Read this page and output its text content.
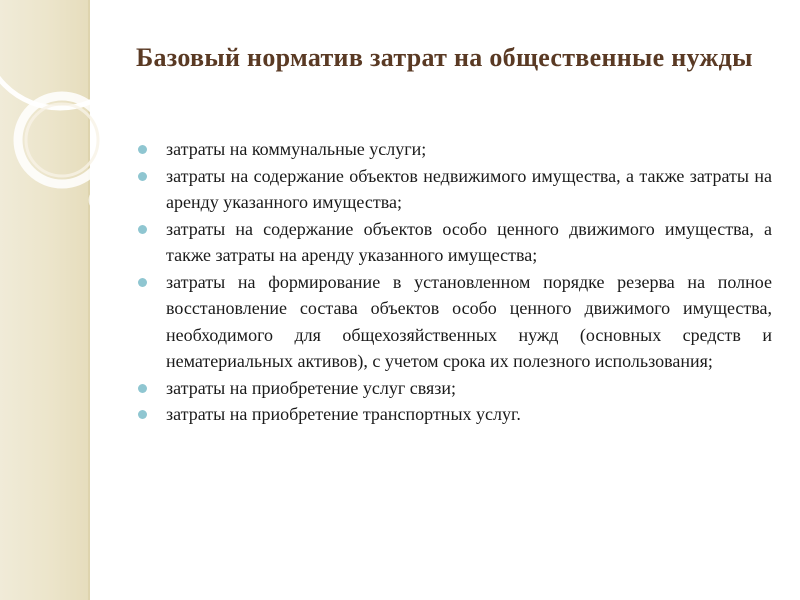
Базовый норматив затрат на общественные нужды
затраты на коммунальные услуги;
затраты на содержание объектов недвижимого имущества, а также затраты на аренду указанного имущества;
затраты на содержание объектов особо ценного движимого имущества, а также затраты на аренду указанного имущества;
затраты на формирование в установленном порядке резерва на полное восстановление состава объектов особо ценного движимого имущества, необходимого для общехозяйственных нужд (основных средств и нематериальных активов), с учетом срока их полезного использования;
затраты на приобретение услуг связи;
затраты на приобретение транспортных услуг.
